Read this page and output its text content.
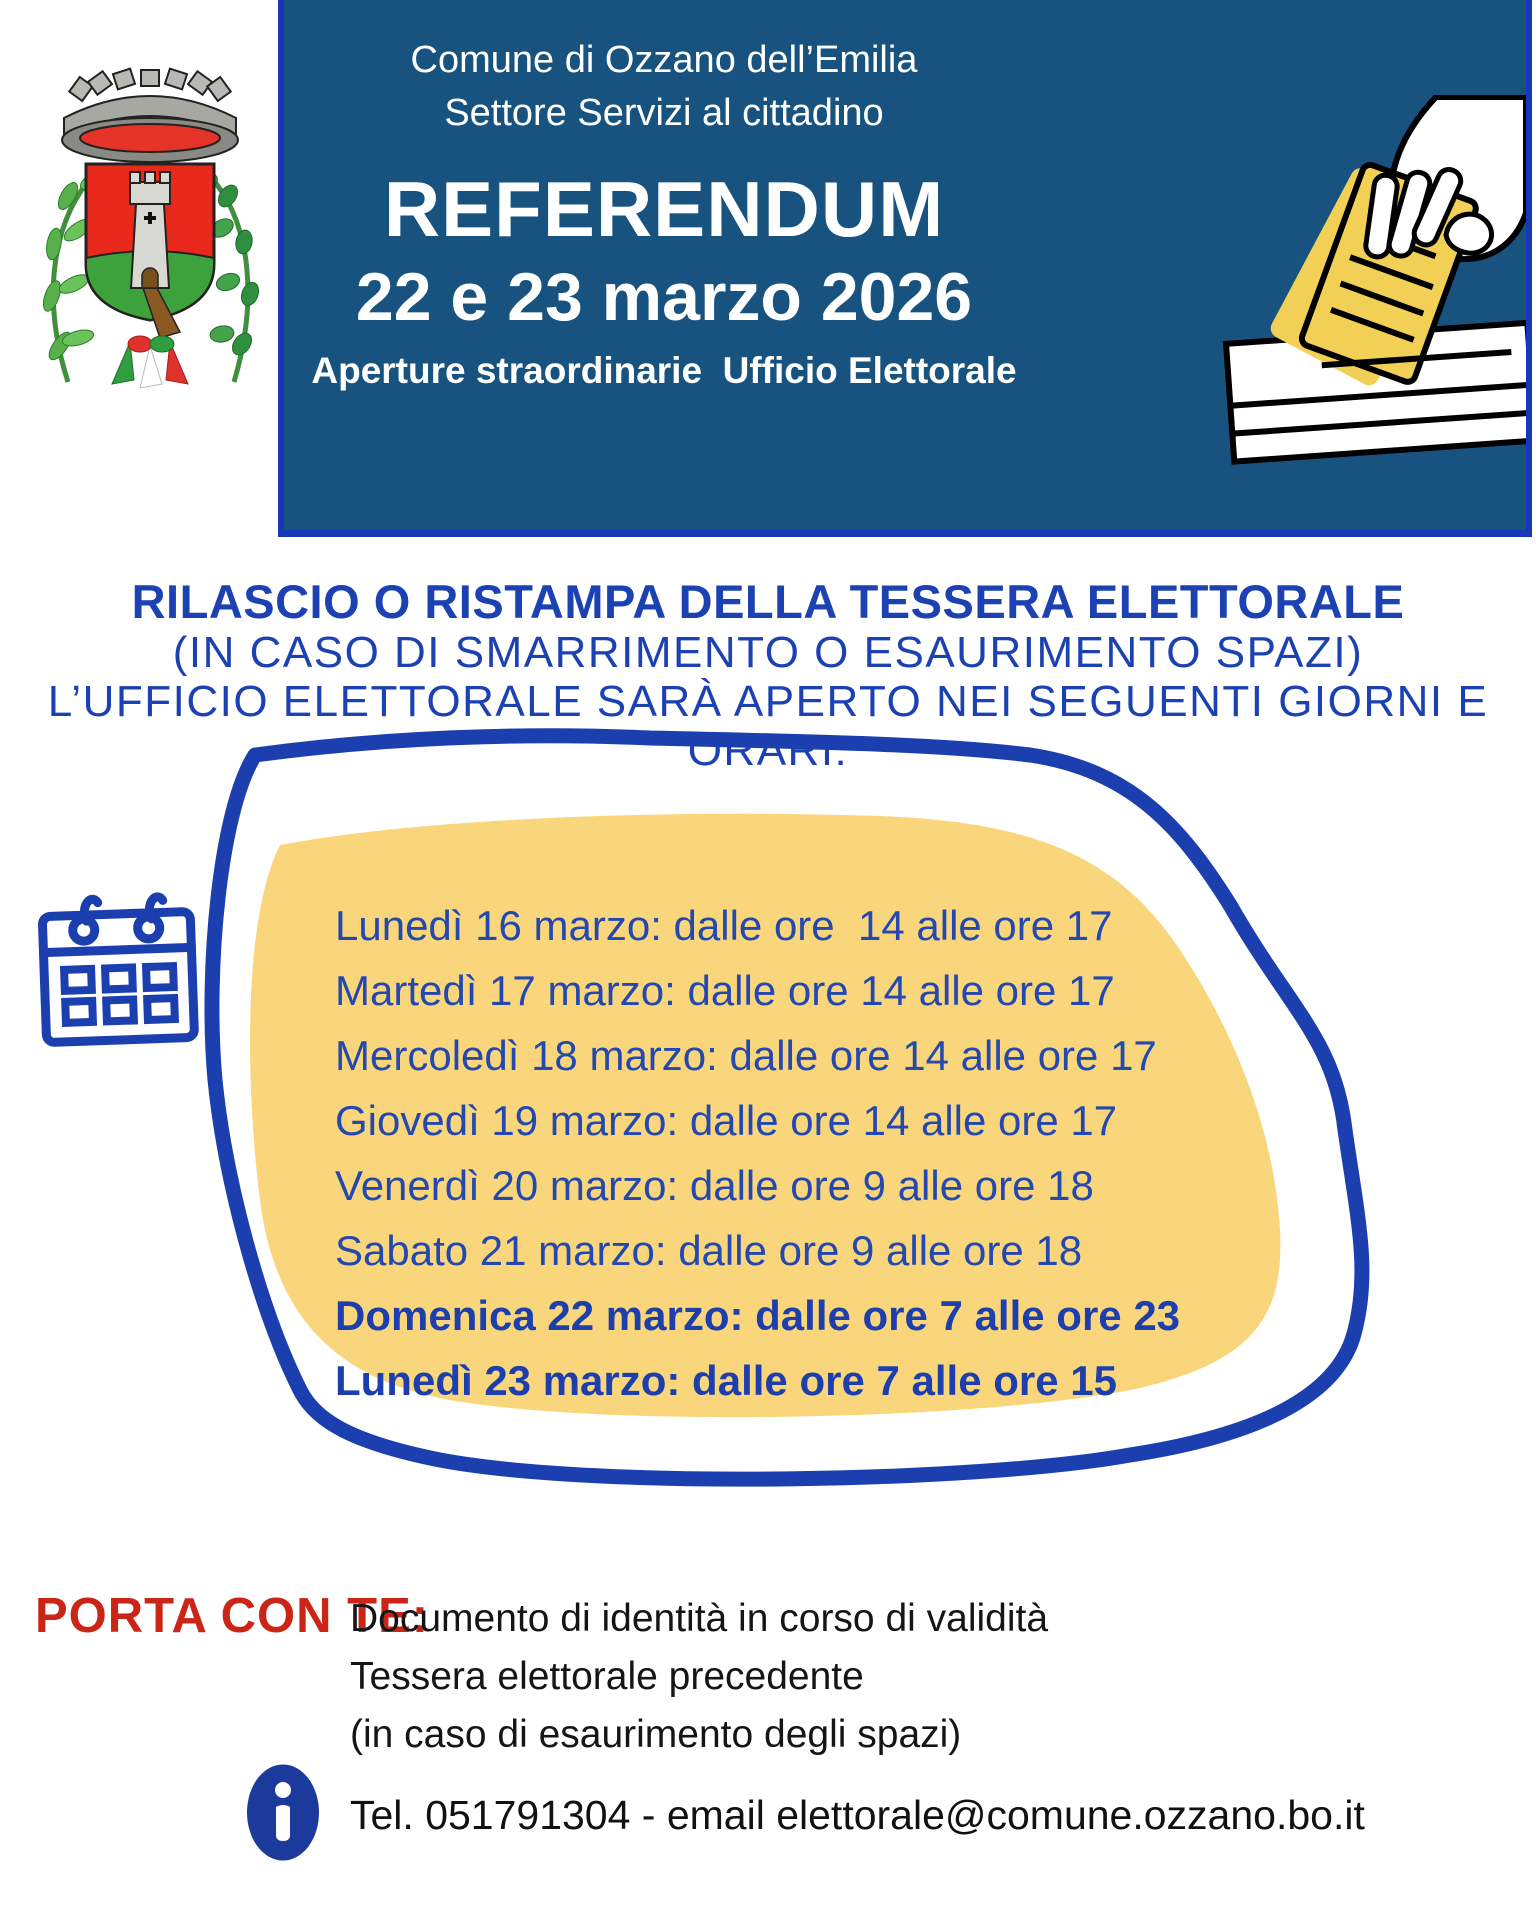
Comune di Ozzano dell’Emilia
Settore Servizi al cittadino
REFERENDUM
22 e 23 marzo 2026
Aperture straordinarie  Ufficio Elettorale
RILASCIO O RISTAMPA DELLA TESSERA ELETTORALE
(IN CASO DI SMARRIMENTO O ESAURIMENTO SPAZI)
L’UFFICIO ELETTORALE SARÀ APERTO NEI SEGUENTI GIORNI E ORARI:
Lunedì 16 marzo: dalle ore  14 alle ore 17
Martedì 17 marzo: dalle ore 14 alle ore 17
Mercoledì 18 marzo: dalle ore 14 alle ore 17
Giovedì 19 marzo: dalle ore 14 alle ore 17
Venerdì 20 marzo: dalle ore 9 alle ore 18
Sabato 21 marzo: dalle ore 9 alle ore 18
Domenica 22 marzo: dalle ore 7 alle ore 23
Lunedì 23 marzo: dalle ore 7 alle ore 15
PORTA CON TE:
Documento di identità in corso di validità
Tessera elettorale precedente
(in caso di esaurimento degli spazi)
Tel. 051791304 - email elettorale@comune.ozzano.bo.it
